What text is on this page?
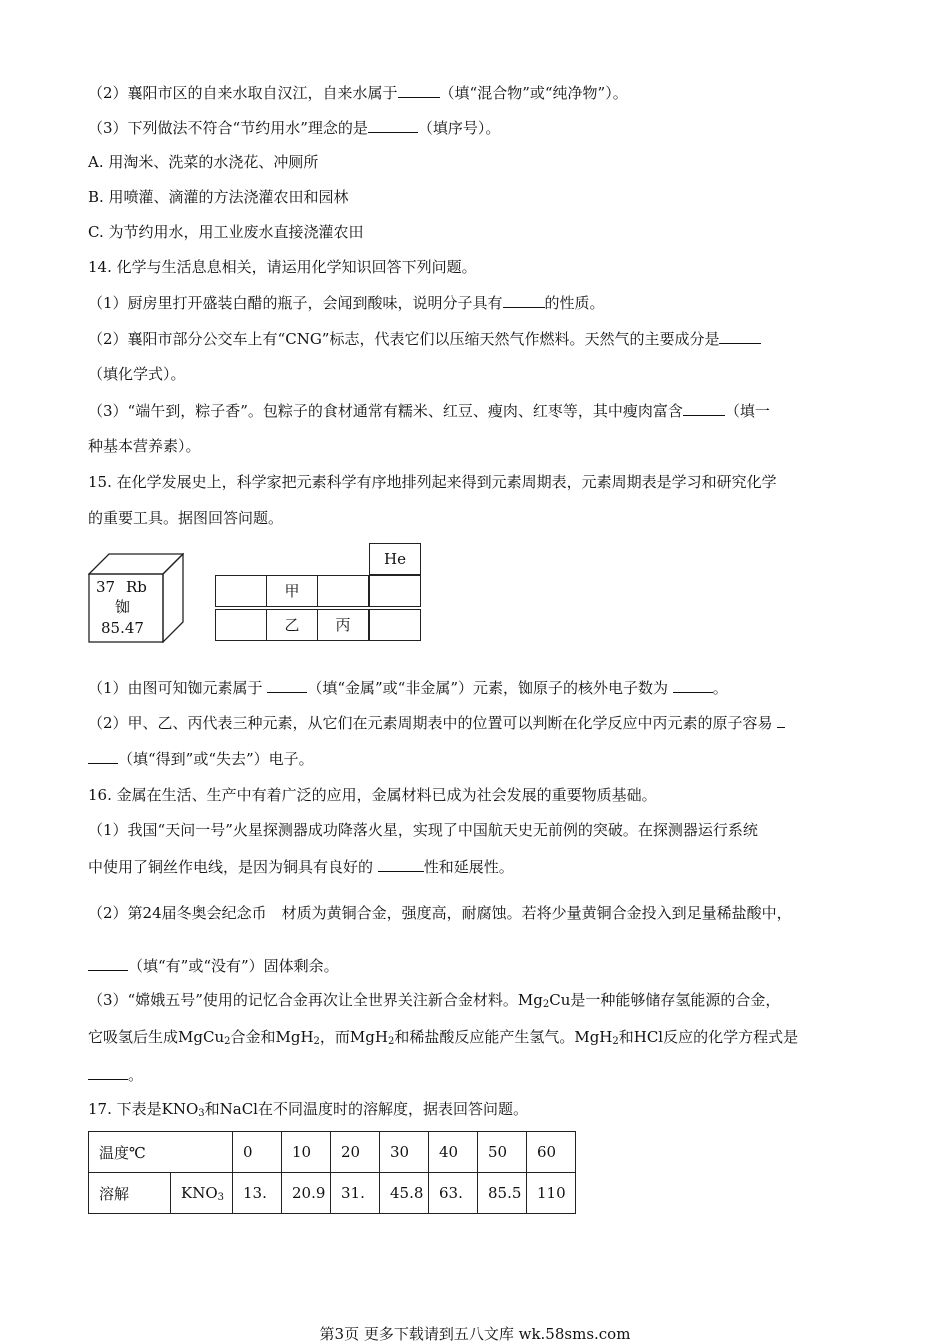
（2）襄阳市区的自来水取自汉江，自来水属于	（填“混合物”或“纯净物”）。
（3）下列做法不符合“节约用水”理念的是	（填序号）。
A. 用淘米、洗菜的水浇花、冲厕所
B. 用喷灌、滴灌的方法浇灌农田和园林
C. 为节约用水，用工业废水直接浇灌农田
14. 化学与生活息息相关，请运用化学知识回答下列问题。
（1）厨房里打开盛装白醋的瓶子，会闻到酸味，说明分子具有	的性质。
（2）襄阳市部分公交车上有“CNG”标志，代表它们以压缩天然气作燃料。天然气的主要成分是
（填化学式）。
（3）“端午到，粽子香”。包粽子的食材通常有糯米、红豆、瘦肉、红枣等，其中瘦肉富含	（填一
种基本营养素）。
15. 在化学发展史上，科学家把元素科学有序地排列起来得到元素周期表，元素周期表是学习和研究化学
的重要工具。据图回答问题。
37 Rb
铷
85.47
He
甲
乙	丙
（1）由图可知铷元素属于	（填“金属”或“非金属”）元素，铷原子的核外电子数为	。
（2）甲、乙、丙代表三种元素，从它们在元素周期表中的位置可以判断在化学反应中丙元素的原子容易
（填“得到”或“失去”）电子。
16. 金属在生活、生产中有着广泛的应用，金属材料已成为社会发展的重要物质基础。
（1）我国“天问一号”火星探测器成功降落火星，实现了中国航天史无前例的突破。在探测器运行系统
中使用了铜丝作电线，是因为铜具有良好的	性和延展性。
（2）第24届冬奥会纪念币　材质为黄铜合金，强度高，耐腐蚀。若将少量黄铜合金投入到足量稀盐酸中，
（填“有”或“没有”）固体剩余。
（3）“嫦娥五号”使用的记忆合金再次让全世界关注新合金材料。$Mg_2Cu$是一种能够储存氢能源的合金，
它吸氢后生成MgCu$_2$合金和MgH$_2$，而MgH$_2$和稀盐酸反应能产生氢气。MgH$_2$和HCl反应的化学方程式是
。
17. 下表是$KNO_3$和NaCl在不同温度时的溶解度，据表回答问题。
温度℃		0	10	20	30	40	50	60
溶解	$KNO_3$	13.	20.9	31.	45.8	63.	85.5	110
第3页 更多下载请到五八文库 wk.58sms.com
